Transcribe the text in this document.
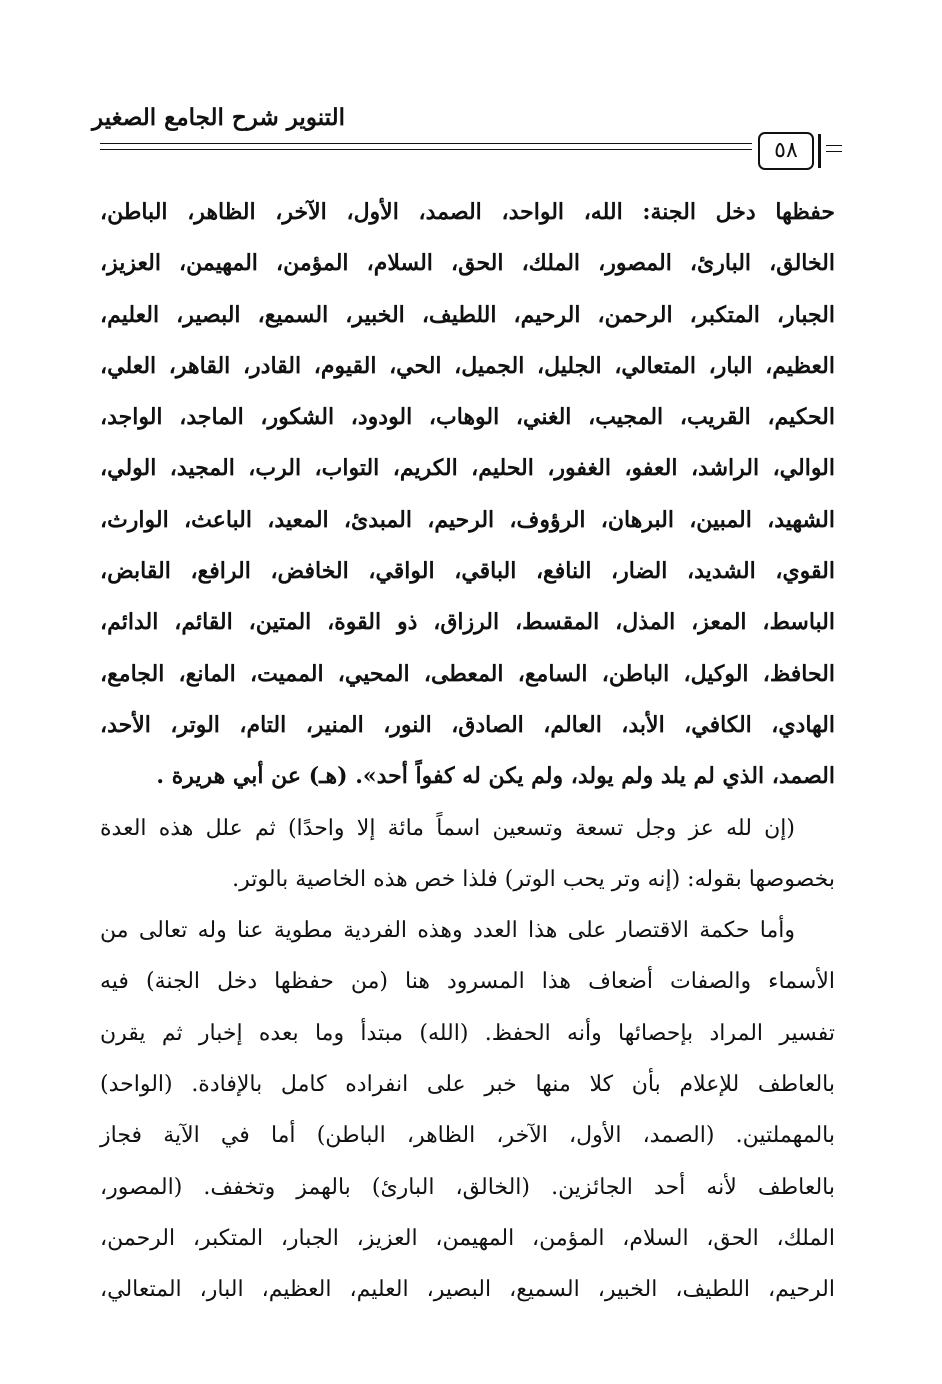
التنوير شرح الجامع الصغير
٥٨
حفظها دخل الجنة: الله، الواحد، الصمد، الأول، الآخر، الظاهر، الباطن،
الخالق، البارئ، المصور، الملك، الحق، السلام، المؤمن، المهيمن، العزيز،
الجبار، المتكبر، الرحمن، الرحيم، اللطيف، الخبير، السميع، البصير، العليم،
العظيم، البار، المتعالي، الجليل، الجميل، الحي، القيوم، القادر، القاهر، العلي،
الحكيم، القريب، المجيب، الغني، الوهاب، الودود، الشكور، الماجد، الواجد،
الوالي، الراشد، العفو، الغفور، الحليم، الكريم، التواب، الرب، المجيد، الولي،
الشهيد، المبين، البرهان، الرؤوف، الرحيم، المبدئ، المعيد، الباعث، الوارث،
القوي، الشديد، الضار، النافع، الباقي، الواقي، الخافض، الرافع، القابض،
الباسط، المعز، المذل، المقسط، الرزاق، ذو القوة، المتين، القائم، الدائم،
الحافظ، الوكيل، الباطن، السامع، المعطى، المحيي، المميت، المانع، الجامع،
الهادي، الكافي، الأبد، العالم، الصادق، النور، المنير، التام، الوتر، الأحد،
الصمد، الذي لم يلد ولم يولد، ولم يكن له كفواً أحد». (هـ) عن أبي هريرة .
(إن لله عز وجل تسعة وتسعين اسماً مائة إلا واحدًا) ثم علل هذه العدة
بخصوصها بقوله: (إنه وتر يحب الوتر) فلذا خص هذه الخاصية بالوتر.
وأما حكمة الاقتصار على هذا العدد وهذه الفردية مطوية عنا وله تعالى من
الأسماء والصفات أضعاف هذا المسرود هنا (من حفظها دخل الجنة) فيه
تفسير المراد بإحصائها وأنه الحفظ. (الله) مبتدأ وما بعده إخبار ثم يقرن
بالعاطف للإعلام بأن كلا منها خبر على انفراده كامل بالإفادة. (الواحد)
بالمهملتين. (الصمد، الأول، الآخر، الظاهر، الباطن) أما في الآية فجاز
بالعاطف لأنه أحد الجائزين. (الخالق، البارئ) بالهمز وتخفف. (المصور،
الملك، الحق، السلام، المؤمن، المهيمن، العزيز، الجبار، المتكبر، الرحمن،
الرحيم، اللطيف، الخبير، السميع، البصير، العليم، العظيم، البار، المتعالي،
